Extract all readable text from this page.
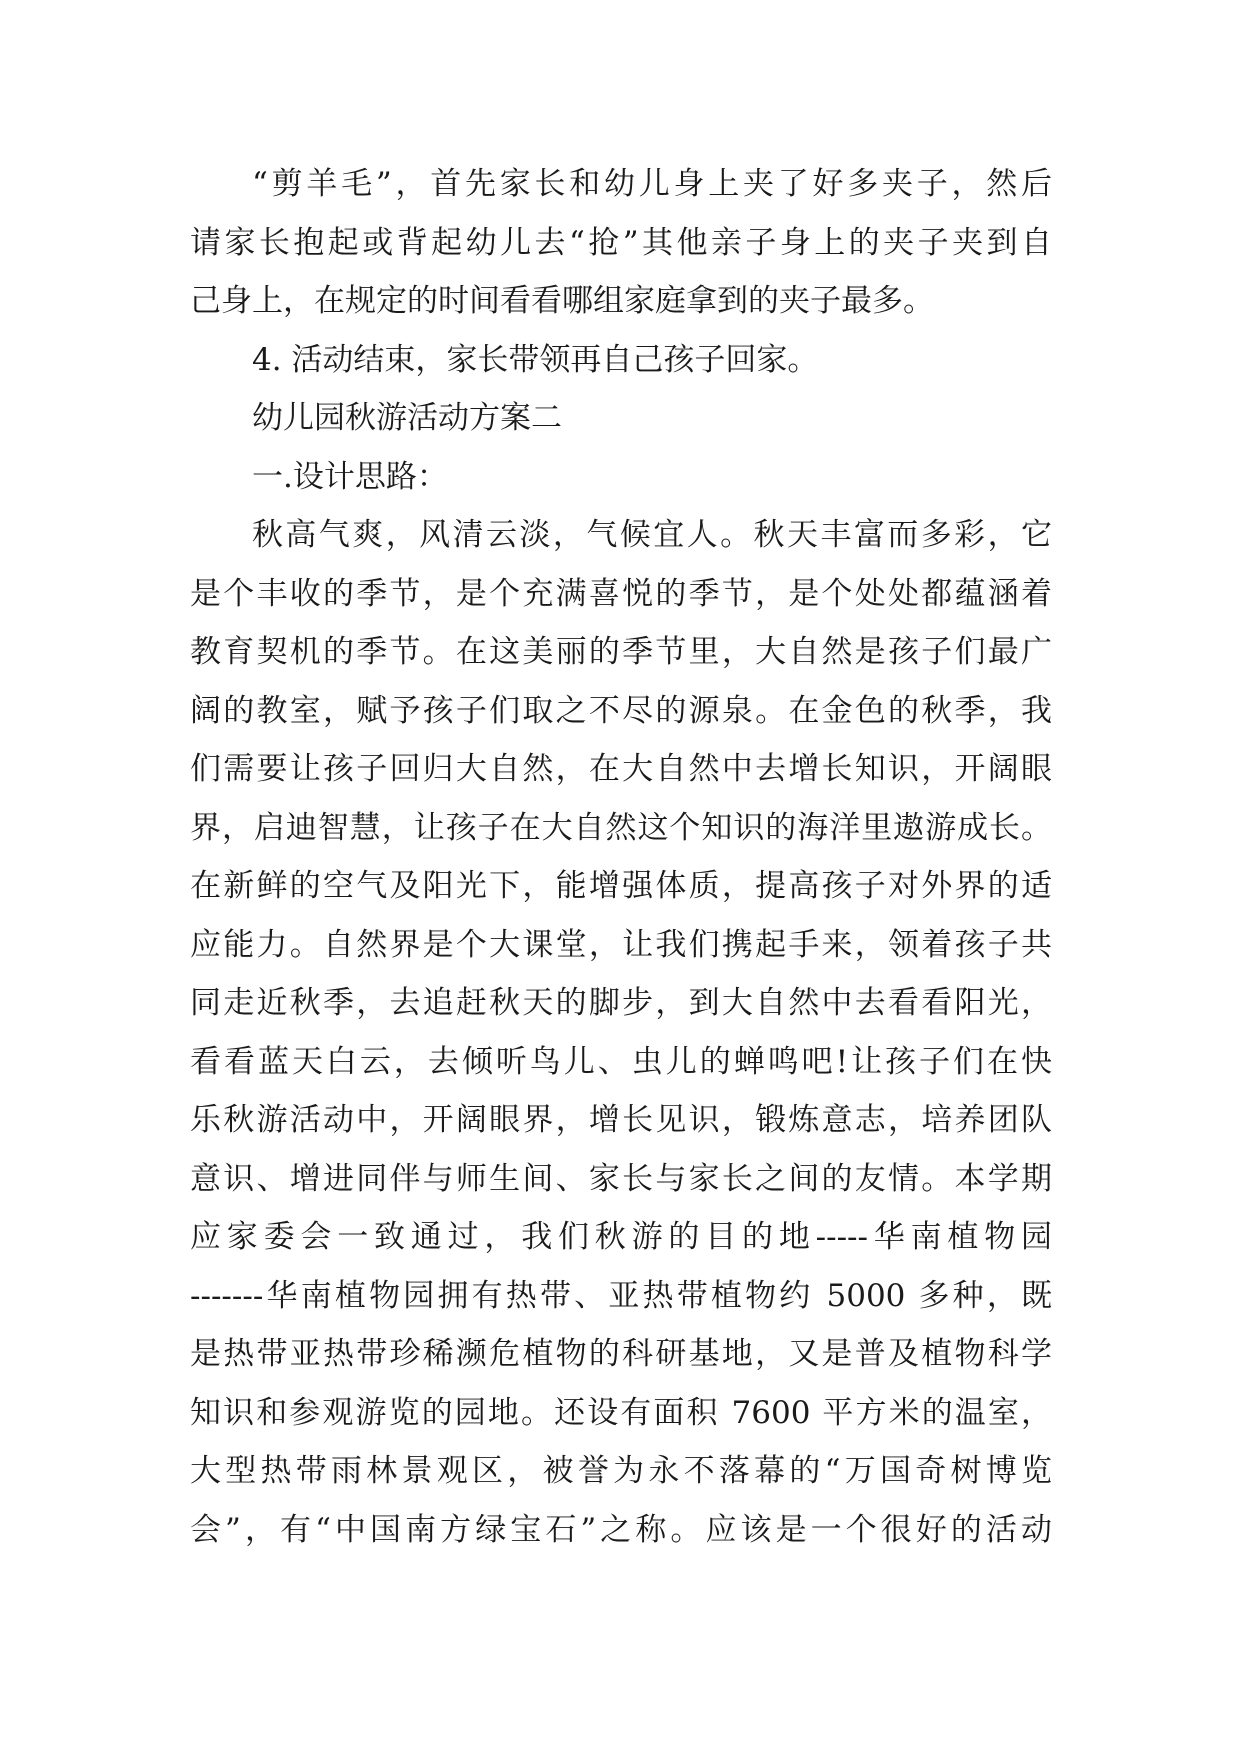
“剪羊毛”，首先家长和幼儿身上夹了好多夹子，然后
请家长抱起或背起幼儿去“抢”其他亲子身上的夹子夹到自
己身上，在规定的时间看看哪组家庭拿到的夹子最多。
4. 活动结束，家长带领再自己孩子回家。
幼儿园秋游活动方案二
一.设计思路：
秋高气爽，风清云淡，气候宜人。秋天丰富而多彩，它
是个丰收的季节，是个充满喜悦的季节，是个处处都蕴涵着
教育契机的季节。在这美丽的季节里，大自然是孩子们最广
阔的教室，赋予孩子们取之不尽的源泉。在金色的秋季，我
们需要让孩子回归大自然，在大自然中去增长知识，开阔眼
界，启迪智慧，让孩子在大自然这个知识的海洋里遨游成长。
在新鲜的空气及阳光下，能增强体质，提高孩子对外界的适
应能力。自然界是个大课堂，让我们携起手来，领着孩子共
同走近秋季，去追赶秋天的脚步，到大自然中去看看阳光，
看看蓝天白云，去倾听鸟儿、虫儿的蝉鸣吧!让孩子们在快
乐秋游活动中，开阔眼界，增长见识，锻炼意志，培养团队
意识、增进同伴与师生间、家长与家长之间的友情。本学期
应家委会一致通过，我们秋游的目的地-----华南植物园
-------华南植物园拥有热带、亚热带植物约 5000 多种，既
是热带亚热带珍稀濒危植物的科研基地，又是普及植物科学
知识和参观游览的园地。还设有面积 7600 平方米的温室，
大型热带雨林景观区，被誉为永不落幕的“万国奇树博览
会”，有“中国南方绿宝石”之称。应该是一个很好的活动
